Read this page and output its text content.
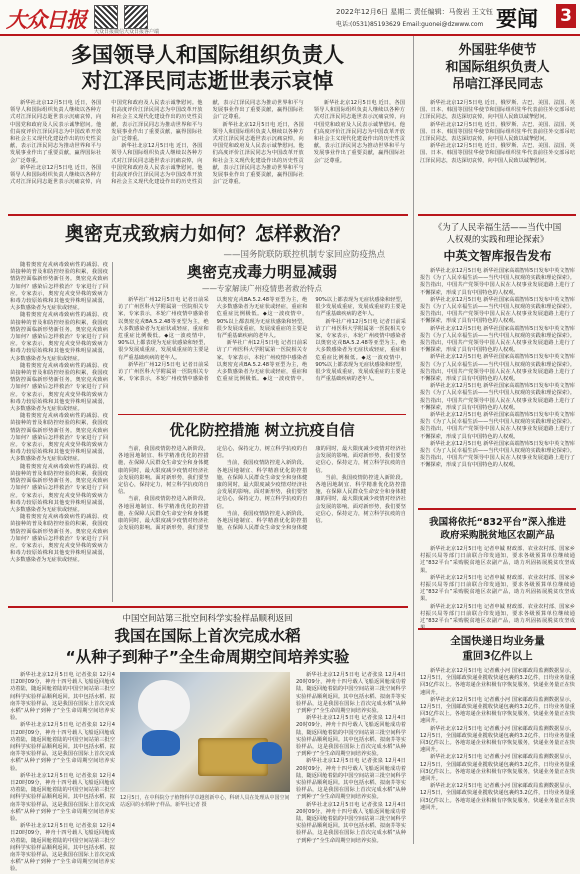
大众日报 大众日报微信 大众日报客户端
2022年12月6日 星期二 责任编辑：马俊岩 王文钰
电话:(0531)85193629 Email:guonei@dzwww.com 要闻 3
多国领导人和国际组织负责人
对江泽民同志逝世表示哀悼

新华社北京12月5日电 近日，各国领导人和国际组织负责人继续以各种方式对江泽民同志逝世表示沉痛哀悼，向中国党和政府及人民表示诚挚慰问。他们高度评价江泽民同志为中国改革开放和社会主义现代化建设作出的历史性贡献，表示江泽民同志为推动世界和平与发展事业作出了重要贡献，赢得国际社会广泛尊重。

新华社北京12月5日电 近日，各国领导人和国际组织负责人继续以各种方式对江泽民同志逝世表示沉痛哀悼，向中国党和政府及人民表示诚挚慰问。他们高度评价江泽民同志为中国改革开放和社会主义现代化建设作出的历史性贡献，表示江泽民同志为推动世界和平与发展事业作出了重要贡献，赢得国际社会广泛尊重。

新华社北京12月5日电 近日，各国领导人和国际组织负责人继续以各种方式对江泽民同志逝世表示沉痛哀悼，向中国党和政府及人民表示诚挚慰问。他们高度评价江泽民同志为中国改革开放和社会主义现代化建设作出的历史性贡献，表示江泽民同志为推动世界和平与发展事业作出了重要贡献，赢得国际社会广泛尊重。

新华社北京12月5日电 近日，各国领导人和国际组织负责人继续以各种方式对江泽民同志逝世表示沉痛哀悼，向中国党和政府及人民表示诚挚慰问。他们高度评价江泽民同志为中国改革开放和社会主义现代化建设作出的历史性贡献，表示江泽民同志为推动世界和平与发展事业作出了重要贡献，赢得国际社会广泛尊重。

新华社北京12月5日电 近日，各国领导人和国际组织负责人继续以各种方式对江泽民同志逝世表示沉痛哀悼，向中国党和政府及人民表示诚挚慰问。他们高度评价江泽民同志为中国改革开放和社会主义现代化建设作出的历史性贡献，表示江泽民同志为推动世界和平与发展事业作出了重要贡献，赢得国际社会广泛尊重。

外国驻华使节
和国际组织负责人
吊唁江泽民同志

新华社北京12月5日电 近日，俄罗斯、古巴、美国、法国、英国、日本、韩国等国驻华使节和国际组织驻华代表前往外交部吊唁江泽民同志，表达深切哀悼，向中国人民致以诚挚慰问。

新华社北京12月5日电 近日，俄罗斯、古巴、美国、法国、英国、日本、韩国等国驻华使节和国际组织驻华代表前往外交部吊唁江泽民同志，表达深切哀悼，向中国人民致以诚挚慰问。

新华社北京12月5日电 近日，俄罗斯、古巴、美国、法国、英国、日本、韩国等国驻华使节和国际组织驻华代表前往外交部吊唁江泽民同志，表达深切哀悼，向中国人民致以诚挚慰问。

奥密克戎致病力如何？怎样救治？
——国务院联防联控机制专家回应防疫热点

随着奥密克戎病毒致病性的减弱、疫苗接种的普及和防控经验的积累，我国疫情防控面临新形势新任务。奥密克戎致病力如何？感染后怎样救治？专家进行了回应。专家表示，奥密克戎变异株的致病力和毒力较原始株和其他变异株明显减弱，大多数感染者为无症状或轻症。

随着奥密克戎病毒致病性的减弱、疫苗接种的普及和防控经验的积累，我国疫情防控面临新形势新任务。奥密克戎致病力如何？感染后怎样救治？专家进行了回应。专家表示，奥密克戎变异株的致病力和毒力较原始株和其他变异株明显减弱，大多数感染者为无症状或轻症。

随着奥密克戎病毒致病性的减弱、疫苗接种的普及和防控经验的积累，我国疫情防控面临新形势新任务。奥密克戎致病力如何？感染后怎样救治？专家进行了回应。专家表示，奥密克戎变异株的致病力和毒力较原始株和其他变异株明显减弱，大多数感染者为无症状或轻症。

随着奥密克戎病毒致病性的减弱、疫苗接种的普及和防控经验的积累，我国疫情防控面临新形势新任务。奥密克戎致病力如何？感染后怎样救治？专家进行了回应。专家表示，奥密克戎变异株的致病力和毒力较原始株和其他变异株明显减弱，大多数感染者为无症状或轻症。

随着奥密克戎病毒致病性的减弱、疫苗接种的普及和防控经验的积累，我国疫情防控面临新形势新任务。奥密克戎致病力如何？感染后怎样救治？专家进行了回应。专家表示，奥密克戎变异株的致病力和毒力较原始株和其他变异株明显减弱，大多数感染者为无症状或轻症。

随着奥密克戎病毒致病性的减弱、疫苗接种的普及和防控经验的积累，我国疫情防控面临新形势新任务。奥密克戎致病力如何？感染后怎样救治？专家进行了回应。专家表示，奥密克戎变异株的致病力和毒力较原始株和其他变异株明显减弱，大多数感染者为无症状或轻症。

奥密克戎毒力明显减弱
——专家解读广州疫情患者救治特点

新华社广州12月5日电 记者日前采访了广州医科大学附属第一医院相关专家，专家表示，本轮广州疫情中感染者以奥密克戎BA.5.2.48等亚型为主，绝大多数感染者为无症状或轻症，重症和危重症比例极低。◆这一波疫情中，90%以上都表现为无症状感染和轻型，很少发展成重症，发展成重症的主要是有严重基础疾病的老年人。

新华社广州12月5日电 记者日前采访了广州医科大学附属第一医院相关专家，专家表示，本轮广州疫情中感染者以奥密克戎BA.5.2.48等亚型为主，绝大多数感染者为无症状或轻症，重症和危重症比例极低。◆这一波疫情中，90%以上都表现为无症状感染和轻型，很少发展成重症，发展成重症的主要是有严重基础疾病的老年人。

新华社广州12月5日电 记者日前采访了广州医科大学附属第一医院相关专家，专家表示，本轮广州疫情中感染者以奥密克戎BA.5.2.48等亚型为主，绝大多数感染者为无症状或轻症，重症和危重症比例极低。◆这一波疫情中，90%以上都表现为无症状感染和轻型，很少发展成重症，发展成重症的主要是有严重基础疾病的老年人。

新华社广州12月5日电 记者日前采访了广州医科大学附属第一医院相关专家，专家表示，本轮广州疫情中感染者以奥密克戎BA.5.2.48等亚型为主，绝大多数感染者为无症状或轻症，重症和危重症比例极低。◆这一波疫情中，90%以上都表现为无症状感染和轻型，很少发展成重症，发展成重症的主要是有严重基础疾病的老年人。

优化防控措施 树立抗疫自信

当前，我国疫情防控进入新阶段。各地因地制宜、科学精准优化防控措施，在保障人民群众生命安全和身体健康的同时，最大限度减少疫情对经济社会发展的影响。面对新形势，我们要坚定信心，保持定力，树立科学抗疫的自信。

当前，我国疫情防控进入新阶段。各地因地制宜、科学精准优化防控措施，在保障人民群众生命安全和身体健康的同时，最大限度减少疫情对经济社会发展的影响。面对新形势，我们要坚定信心，保持定力，树立科学抗疫的自信。

当前，我国疫情防控进入新阶段。各地因地制宜、科学精准优化防控措施，在保障人民群众生命安全和身体健康的同时，最大限度减少疫情对经济社会发展的影响。面对新形势，我们要坚定信心，保持定力，树立科学抗疫的自信。

当前，我国疫情防控进入新阶段。各地因地制宜、科学精准优化防控措施，在保障人民群众生命安全和身体健康的同时，最大限度减少疫情对经济社会发展的影响。面对新形势，我们要坚定信心，保持定力，树立科学抗疫的自信。

当前，我国疫情防控进入新阶段。各地因地制宜、科学精准优化防控措施，在保障人民群众生命安全和身体健康的同时，最大限度减少疫情对经济社会发展的影响。面对新形势，我们要坚定信心，保持定力，树立科学抗疫的自信。

中国空间站第三批空间科学实验样品顺利返回
我国在国际上首次完成水稻
“从种子到种子”全生命周期空间培养实验

新华社北京12月5日电 记者张泉 12月4日20时09分，神舟十四号载人飞船返回舱成功着陆，随返回舱着陆的中国空间站第三批空间科学实验样品顺利返回。其中包括水稻、拟南芥等实验样品，这是我国在国际上首次完成水稻“从种子到种子”全生命周期空间培养实验。

新华社北京12月5日电 记者张泉 12月4日20时09分，神舟十四号载人飞船返回舱成功着陆，随返回舱着陆的中国空间站第三批空间科学实验样品顺利返回。其中包括水稻、拟南芥等实验样品，这是我国在国际上首次完成水稻“从种子到种子”全生命周期空间培养实验。

新华社北京12月5日电 记者张泉 12月4日20时09分，神舟十四号载人飞船返回舱成功着陆，随返回舱着陆的中国空间站第三批空间科学实验样品顺利返回。其中包括水稻、拟南芥等实验样品，这是我国在国际上首次完成水稻“从种子到种子”全生命周期空间培养实验。

新华社北京12月5日电 记者张泉 12月4日20时09分，神舟十四号载人飞船返回舱成功着陆，随返回舱着陆的中国空间站第三批空间科学实验样品顺利返回。其中包括水稻、拟南芥等实验样品，这是我国在国际上首次完成水稻“从种子到种子”全生命周期空间培养实验。

12月5日，在中科院分子植物科学卓越创新中心，科研人员在处理从中国空间站返回的水稻种子样品。新华社记者 摄

新华社北京12月5日电 记者张泉 12月4日20时09分，神舟十四号载人飞船返回舱成功着陆，随返回舱着陆的中国空间站第三批空间科学实验样品顺利返回。其中包括水稻、拟南芥等实验样品，这是我国在国际上首次完成水稻“从种子到种子”全生命周期空间培养实验。

新华社北京12月5日电 记者张泉 12月4日20时09分，神舟十四号载人飞船返回舱成功着陆，随返回舱着陆的中国空间站第三批空间科学实验样品顺利返回。其中包括水稻、拟南芥等实验样品，这是我国在国际上首次完成水稻“从种子到种子”全生命周期空间培养实验。

新华社北京12月5日电 记者张泉 12月4日20时09分，神舟十四号载人飞船返回舱成功着陆，随返回舱着陆的中国空间站第三批空间科学实验样品顺利返回。其中包括水稻、拟南芥等实验样品，这是我国在国际上首次完成水稻“从种子到种子”全生命周期空间培养实验。

新华社北京12月5日电 记者张泉 12月4日20时09分，神舟十四号载人飞船返回舱成功着陆，随返回舱着陆的中国空间站第三批空间科学实验样品顺利返回。其中包括水稻、拟南芥等实验样品，这是我国在国际上首次完成水稻“从种子到种子”全生命周期空间培养实验。

《为了人民幸福生活——当代中国
人权观的实践和理论探索》
中英文智库报告发布

新华社北京12月5日电 新华社国家高端智库5日发布中英文智库报告《为了人民幸福生活——当代中国人权观的实践和理论探索》。报告指出，中国共产党领导中国人民在人权事业发展道路上进行了不懈探索，形成了具有中国特色的人权观。

新华社北京12月5日电 新华社国家高端智库5日发布中英文智库报告《为了人民幸福生活——当代中国人权观的实践和理论探索》。报告指出，中国共产党领导中国人民在人权事业发展道路上进行了不懈探索，形成了具有中国特色的人权观。

新华社北京12月5日电 新华社国家高端智库5日发布中英文智库报告《为了人民幸福生活——当代中国人权观的实践和理论探索》。报告指出，中国共产党领导中国人民在人权事业发展道路上进行了不懈探索，形成了具有中国特色的人权观。

新华社北京12月5日电 新华社国家高端智库5日发布中英文智库报告《为了人民幸福生活——当代中国人权观的实践和理论探索》。报告指出，中国共产党领导中国人民在人权事业发展道路上进行了不懈探索，形成了具有中国特色的人权观。

新华社北京12月5日电 新华社国家高端智库5日发布中英文智库报告《为了人民幸福生活——当代中国人权观的实践和理论探索》。报告指出，中国共产党领导中国人民在人权事业发展道路上进行了不懈探索，形成了具有中国特色的人权观。

新华社北京12月5日电 新华社国家高端智库5日发布中英文智库报告《为了人民幸福生活——当代中国人权观的实践和理论探索》。报告指出，中国共产党领导中国人民在人权事业发展道路上进行了不懈探索，形成了具有中国特色的人权观。

新华社北京12月5日电 新华社国家高端智库5日发布中英文智库报告《为了人民幸福生活——当代中国人权观的实践和理论探索》。报告指出，中国共产党领导中国人民在人权事业发展道路上进行了不懈探索，形成了具有中国特色的人权观。

我国将依托“832平台”深入推进
政府采购脱贫地区农副产品

新华社北京12月5日电 记者申铖 财政部、农业农村部、国家乡村振兴局等部门日前联合印发通知，要求各级预算单位继续通过“832平台”采购脱贫地区农副产品，助力巩固拓展脱贫攻坚成果。

新华社北京12月5日电 记者申铖 财政部、农业农村部、国家乡村振兴局等部门日前联合印发通知，要求各级预算单位继续通过“832平台”采购脱贫地区农副产品，助力巩固拓展脱贫攻坚成果。

新华社北京12月5日电 记者申铖 财政部、农业农村部、国家乡村振兴局等部门日前联合印发通知，要求各级预算单位继续通过“832平台”采购脱贫地区农副产品，助力巩固拓展脱贫攻坚成

全国快递日均业务量
重回3亿件以上

新华社北京12月5日电 记者戴小河 国家邮政局监测数据显示，12月5日，全国邮政快递业揽收快递包裹约3.2亿件，日均业务量重回3亿件以上。各地寄递企业积极有序恢复服务，快递业务量正在快速回升。

新华社北京12月5日电 记者戴小河 国家邮政局监测数据显示，12月5日，全国邮政快递业揽收快递包裹约3.2亿件，日均业务量重回3亿件以上。各地寄递企业积极有序恢复服务，快递业务量正在快速回升。

新华社北京12月5日电 记者戴小河 国家邮政局监测数据显示，12月5日，全国邮政快递业揽收快递包裹约3.2亿件，日均业务量重回3亿件以上。各地寄递企业积极有序恢复服务，快递业务量正在快速回升。

新华社北京12月5日电 记者戴小河 国家邮政局监测数据显示，12月5日，全国邮政快递业揽收快递包裹约3.2亿件，日均业务量重回3亿件以上。各地寄递企业积极有序恢复服务，快递业务量正在快速回升。

新华社北京12月5日电 记者戴小河 国家邮政局监测数据显示，12月5日，全国邮政快递业揽收快递包裹约3.2亿件，日均业务量重回3亿件以上。各地寄递企业积极有序恢复服务，快递业务量正在快速回升。
